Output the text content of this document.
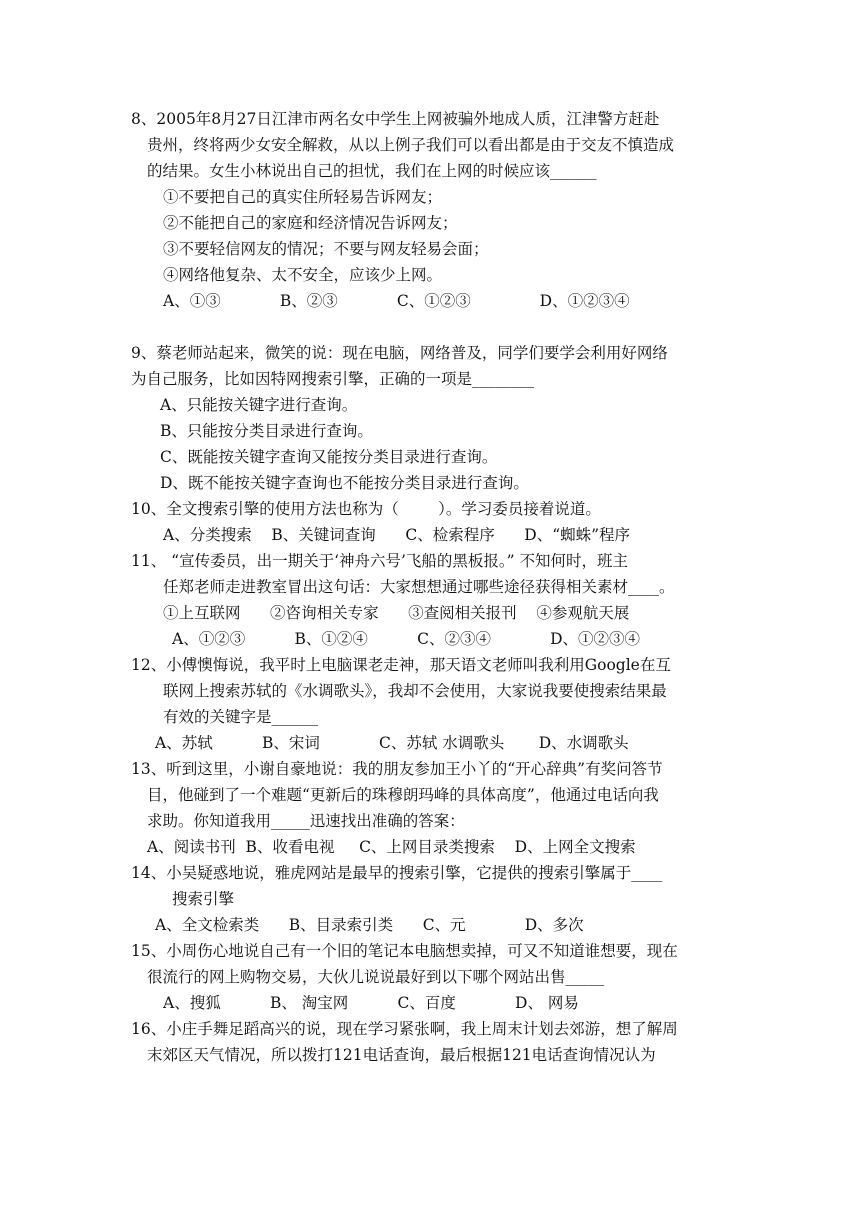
8、2005年8月27日江津市两名女中学生上网被骗外地成人质，江津警方赶赴
贵州，终将两少女安全解救，从以上例子我们可以看出都是由于交友不慎造成
的结果。女生小林说出自己的担忧，我们在上网的时候应该______
①不要把自己的真实住所轻易告诉网友；
②不能把自己的家庭和经济情况告诉网友；
③不要轻信网友的情况；不要与网友轻易会面；
④网络他复杂、太不安全，应该少上网。
A、①③            B、②③            C、①②③              D、①②③④
9、蔡老师站起来，微笑的说：现在电脑，网络普及，同学们要学会利用好网络
为自己服务，比如因特网搜索引擎，正确的一项是________
A、只能按关键字进行查询。
B、只能按分类目录进行查询。
C、既能按关键字查询又能按分类目录进行查询。
D、既不能按关键字查询也不能按分类目录进行查询。
10、全文搜索引擎的使用方法也称为（        ）。学习委员接着说道。
A、分类搜索    B、关键词查询      C、检索程序      D、“蜘蛛”程序
11、 “宣传委员，出一期关于‘神舟六号’飞船的黑板报。” 不知何时，班主
任郑老师走进教室冒出这句话：大家想想通过哪些途径获得相关素材____。
①上互联网      ②咨询相关专家      ③查阅相关报刊    ④参观航天展
A、①②③          B、①②④          C、②③④            D、①②③④
12、小傅懊悔说，我平时上电脑课老走神，那天语文老师叫我利用Google在互
联网上搜索苏轼的《水调歌头》，我却不会使用，大家说我要使搜索结果最
有效的关键字是______
A、苏轼          B、宋词            C、苏轼 水调歌头       D、水调歌头
13、听到这里，小谢自豪地说：我的朋友参加王小丫的“开心辞典”有奖问答节
目，他碰到了一个难题“更新后的珠穆朗玛峰的具体高度”，他通过电话向我
求助。你知道我用_____迅速找出准确的答案：
A、阅读书刊  B、收看电视     C、上网目录类搜索    D、上网全文搜索
14、小吴疑惑地说，雅虎网站是最早的搜索引擎，它提供的搜索引擎属于____
搜索引擎
A、全文检索类      B、目录索引类      C、元            D、多次
15、小周伤心地说自己有一个旧的笔记本电脑想卖掉，可又不知道谁想要，现在
很流行的网上购物交易，大伙儿说说最好到以下哪个网站出售_____
A、搜狐          B、 淘宝网          C、百度            D、 网易
16、小庄手舞足蹈高兴的说，现在学习紧张啊，我上周末计划去郊游，想了解周
末郊区天气情况，所以拨打121电话查询，最后根据121电话查询情况认为
